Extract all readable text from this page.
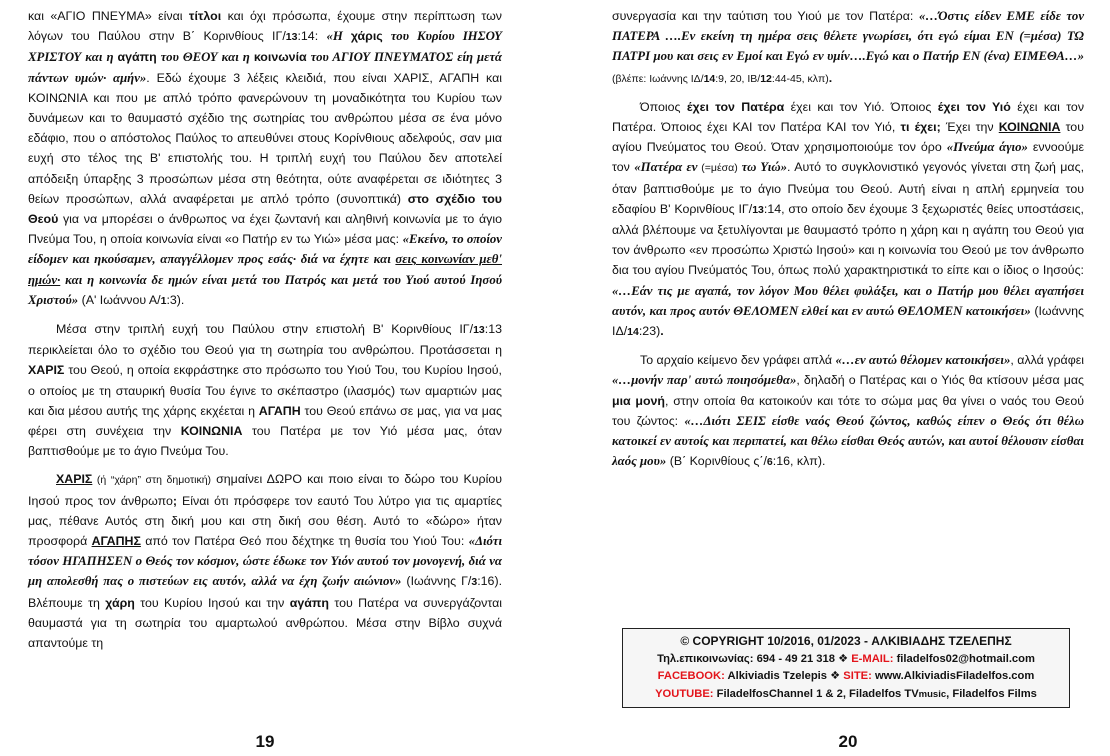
και «ΑΓΙΟ ΠΝΕΥΜΑ» είναι τίτλοι και όχι πρόσωπα, έχουμε στην περίπτωση των λόγων του Παύλου στην Β΄ Κορινθίους ΙΓ/13:14: «Η χάρις του Κυρίου ΙΗΣΟΥ ΧΡΙΣΤΟΥ και η αγάπη του ΘΕΟΥ και η κοινωνία του ΑΓΙΟΥ ΠΝΕΥΜΑΤΟΣ είη μετά πάντων υμών· αμήν». Εδώ έχουμε 3 λέξεις κλειδιά, που είναι ΧΑΡΙΣ, ΑΓΑΠΗ και ΚΟΙΝΩΝΙΑ και που με απλό τρόπο φανερώνουν τη μοναδικότητα του Κυρίου των δυνάμεων και το θαυμαστό σχέδιο της σωτηρίας του ανθρώπου μέσα σε ένα μόνο εδάφιο, που ο απόστολος Παύλος το απευθύνει στους Κορίνθιους αδελφούς, σαν μια ευχή στο τέλος της Β' επιστολής του. Η τριπλή ευχή του Παύλου δεν αποτελεί απόδειξη ύπαρξης 3 προσώπων μέσα στη θεότητα, ούτε αναφέρεται σε ιδιότητες 3 θείων προσώπων, αλλά αναφέρεται με απλό τρόπο (συνοπτικά) στο σχέδιο του Θεού για να μπορέσει ο άνθρωπος να έχει ζωντανή και αληθινή κοινωνία με το άγιο Πνεύμα Του, η οποία κοινωνία είναι «ο Πατήρ εν τω Υιώ» μέσα μας: «Εκείνο, το οποίον είδομεν και ηκούσαμεν, απαγγέλλομεν προς εσάς· διά να έχητε και σεις κοινωνίαν μεθ' ημών· και η κοινωνία δε ημών είναι μετά του Πατρός και μετά του Υιού αυτού Ιησού Χριστού» (Α' Ιωάννου Α/1:3).

Μέσα στην τριπλή ευχή του Παύλου στην επιστολή Β' Κορινθίους ΙΓ/13:13 περικλείεται όλο το σχέδιο του Θεού για τη σωτηρία του ανθρώπου. Προτάσσεται η ΧΑΡΙΣ του Θεού, η οποία εκφράστηκε στο πρόσωπο του Υιού Του, του Κυρίου Ιησού, ο οποίος με τη σταυρική θυσία Του έγινε το σκέπαστρο (ιλασμός) των αμαρτιών μας και δια μέσου αυτής της χάρης εκχέεται η ΑΓΑΠΗ του Θεού επάνω σε μας, για να μας φέρει στη συνέχεια την ΚΟΙΝΩΝΙΑ του Πατέρα με τον Υιό μέσα μας, όταν βαπτισθούμε με το άγιο Πνεύμα Του.

ΧΑΡΙΣ (ή “χάρη” στη δημοτική) σημαίνει ΔΩΡΟ και ποιο είναι το δώρο του Κυρίου Ιησού προς τον άνθρωπο; Είναι ότι πρόσφερε τον εαυτό Του λύτρο για τις αμαρτίες μας, πέθανε Αυτός στη δική μου και στη δική σου θέση. Αυτό το «δώρο» ήταν προσφορά ΑΓΑΠΗΣ από τον Πατέρα Θεό που δέχτηκε τη θυσία του Υιού Του: «Διότι τόσον ΗΓΑΠΗΣΕΝ ο Θεός τον κόσμον, ώστε έδωκε τον Υιόν αυτού τον μονογενή, διά να μη απολεσθή πας ο πιστεύων εις αυτόν, αλλά να έχη ζωήν αιώνιον» (Ιωάννης Γ/3:16). Βλέπουμε τη χάρη του Κυρίου Ιησού και την αγάπη του Πατέρα να συνεργάζονται θαυμαστά για τη σωτηρία του αμαρτωλού ανθρώπου. Μέσα στην Βίβλο συχνά απαντούμε τη

19

συνεργασία και την ταύτιση του Υιού με τον Πατέρα: «…Όστις είδεν ΕΜΕ είδε τον ΠΑΤΕΡΑ ….Εν εκείνη τη ημέρα σεις θέλετε γνωρίσει, ότι εγώ είμαι ΕΝ (=μέσα) ΤΩ ΠΑΤΡΙ μου και σεις εν Εμοί και Εγώ εν υμίν….Εγώ και ο Πατήρ ΕΝ (ένα) ΕΙΜΕΘΑ…» (βλέπε: Ιωάννης ΙΔ/14:9, 20, ΙΒ/12:44-45, κλπ).

Όποιος έχει τον Πατέρα έχει και τον Υιό. Όποιος έχει τον Υιό έχει και τον Πατέρα. Όποιος έχει ΚΑΙ τον Πατέρα ΚΑΙ τον Υιό, τι έχει; Έχει την ΚΟΙΝΩΝΙΑ του αγίου Πνεύματος του Θεού. Όταν χρησιμοποιούμε τον όρο «Πνεύμα άγιο» εννοούμε τον «Πατέρα εν (=μέσα) τω Υιώ». Αυτό το συγκλονιστικό γεγονός γίνεται στη ζωή μας, όταν βαπτισθούμε με το άγιο Πνεύμα του Θεού. Αυτή είναι η απλή ερμηνεία του εδαφίου Β' Κορινθίους ΙΓ/13:14, στο οποίο δεν έχουμε 3 ξεχωριστές θείες υποστάσεις, αλλά βλέπουμε να ξετυλίγονται με θαυμαστό τρόπο η χάρη και η αγάπη του Θεού για τον άνθρωπο «εν προσώπω Χριστώ Ιησού» και η κοινωνία του Θεού με τον άνθρωπο δια του αγίου Πνεύματός Του, όπως πολύ χαρακτηριστικά το είπε και ο ίδιος ο Ιησούς: «…Εάν τις με αγαπά, τον λόγον Μου θέλει φυλάξει, και ο Πατήρ μου θέλει αγαπήσει αυτόν, και προς αυτόν ΘΕΛΟΜΕΝ ελθεί και εν αυτώ ΘΕΛΟΜΕΝ κατοικήσει» (Ιωάννης ΙΔ/14:23).

Το αρχαίο κείμενο δεν γράφει απλά «…εν αυτώ θέλομεν κατοικήσει», αλλά γράφει «…μονήν παρ' αυτώ ποιησόμεθα», δηλαδή ο Πατέρας και ο Υιός θα κτίσουν μέσα μας μια μονή, στην οποία θα κατοικούν και τότε το σώμα μας θα γίνει ο ναός του Θεού του ζώντος: «…Διότι ΣΕΙΣ είσθε ναός Θεού ζώντος, καθώς είπεν ο Θεός ότι θέλω κατοικεί εν αυτοίς και περιπατεί, και θέλω είσθαι Θεός αυτών, και αυτοί θέλουσιν είσθαι λαός μου» (Β΄ Κορινθίους ς΄/6:16, κλπ).

© COPYRIGHT 10/2016, 01/2023 - ΑΛΚΙΒΙΑΔΗΣ ΤΖΕΛΕΠΗΣ
Τηλ.επικοινωνίας: 694 - 49 21 318 ❖ E-MAIL: filadelfos02@hotmail.com
FACEBOOK: Alkiviadis Tzelepis ❖ SITE: www.AlkiviadisFiladelfos.com
YOUTUBE: FiladelfosChannel 1 & 2, Filadelfos TVmusic, Filadelfos Films
20
